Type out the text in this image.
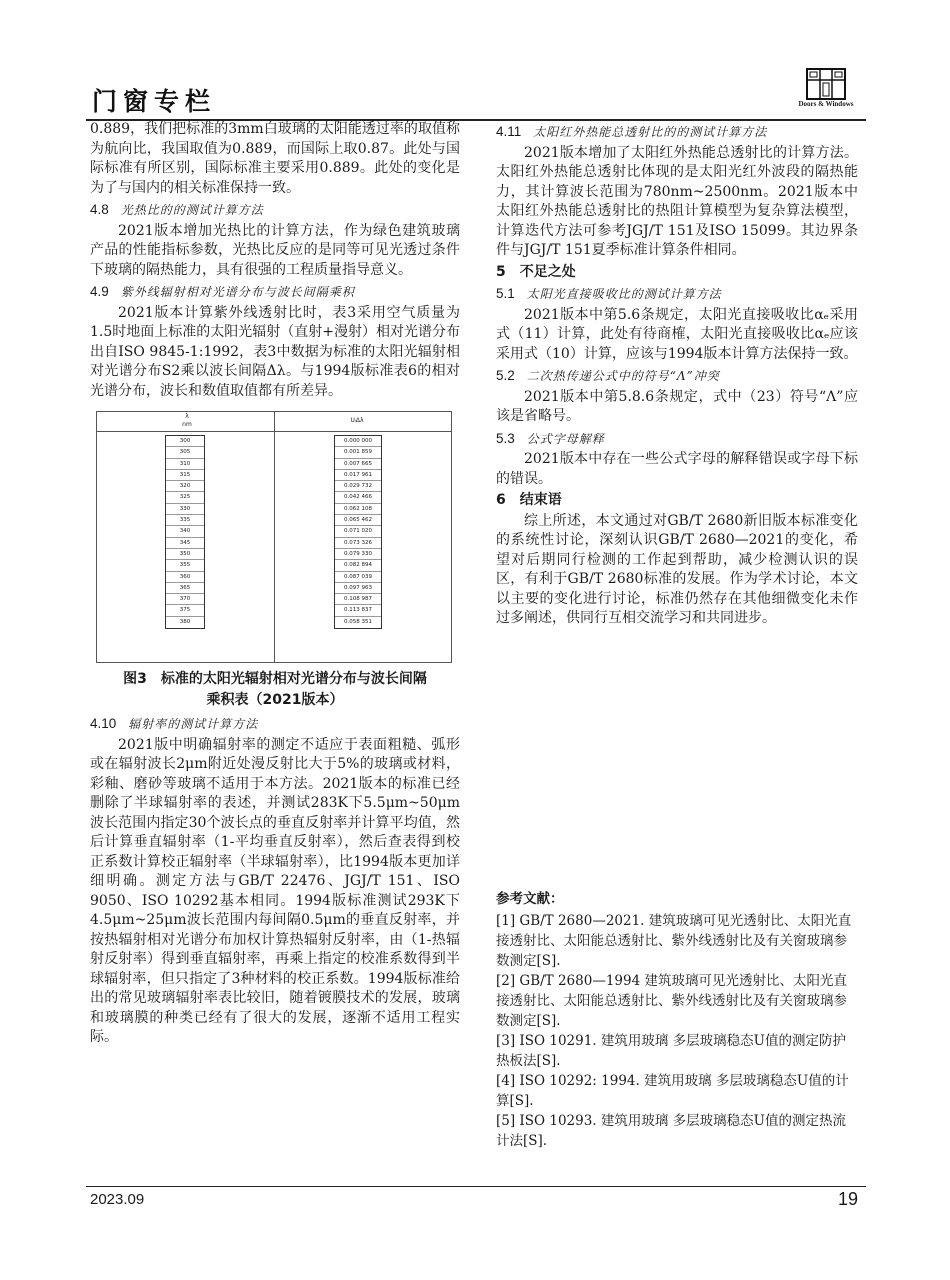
门窗专栏	Doors & Windows

0.889，我们把标准的3mm白玻璃的太阳能透过率的取值称为航向比，我国取值为0.889，而国际上取0.87。此处与国际标准有所区别，国际标准主要采用0.889。此处的变化是为了与国内的相关标准保持一致。

4.8 光热比的的测试计算方法

2021版本增加光热比的计算方法，作为绿色建筑玻璃产品的性能指标参数，光热比反应的是同等可见光透过条件下玻璃的隔热能力，具有很强的工程质量指导意义。

4.9 紫外线辐射相对光谱分布与波长间隔乘积

2021版本计算紫外线透射比时，表3采用空气质量为1.5时地面上标准的太阳光辐射（直射+漫射）相对光谱分布出自ISO 9845-1:1992，表3中数据为标准的太阳光辐射相对光谱分布S2乘以波长间隔Δλ。与1994版标准表6的相对光谱分布，波长和数值取值都有所差异。

λ
nm
UₗΔλ
300
305
310
315
320
325
330
335
340
345
350
355
360
365
370
375
380
0.000 000
0.001 859
0.007 665
0.017 961
0.029 732
0.042 466
0.062 108
0.065 462
0.071 020
0.073 326
0.079 330
0.082 894
0.087 039
0.097 963
0.108 987
0.113 837
0.058 351
图3　标准的太阳光辐射相对光谱分布与波长间隔
乘积表（2021版本）
4.10 辐射率的测试计算方法

2021版中明确辐射率的测定不适应于表面粗糙、弧形或在辐射波长2μm附近处漫反射比大于5%的玻璃或材料，彩釉、磨砂等玻璃不适用于本方法。2021版本的标准已经删除了半球辐射率的表述，并测试283K下5.5μm~50μm波长范围内指定30个波长点的垂直反射率并计算平均值，然后计算垂直辐射率（1-平均垂直反射率），然后查表得到校正系数计算校正辐射率（半球辐射率），比1994版本更加详细明确。测定方法与GB/T 22476、JGJ/T 151、ISO 9050、ISO 10292基本相同。1994版标准测试293K下4.5μm~25μm波长范围内每间隔0.5μm的垂直反射率，并按热辐射相对光谱分布加权计算热辐射反射率，由（1-热辐射反射率）得到垂直辐射率，再乘上指定的校准系数得到半球辐射率，但只指定了3种材料的校正系数。1994版标准给出的常见玻璃辐射率表比较旧，随着镀膜技术的发展，玻璃和玻璃膜的种类已经有了很大的发展，逐渐不适用工程实际。

4.11 太阳红外热能总透射比的的测试计算方法

2021版本增加了太阳红外热能总透射比的计算方法。太阳红外热能总透射比体现的是太阳光红外波段的隔热能力，其计算波长范围为780nm~2500nm。2021版本中太阳红外热能总透射比的热阻计算模型为复杂算法模型，计算迭代方法可参考JGJ/T 151及ISO 15099。其边界条件与JGJ/T 151夏季标准计算条件相同。

5 不足之处
5.1 太阳光直接吸收比的测试计算方法

2021版本中第5.6条规定，太阳光直接吸收比αₑ采用式（11）计算，此处有待商榷，太阳光直接吸收比αₑ应该采用式（10）计算，应该与1994版本计算方法保持一致。

5.2 二次热传递公式中的符号“Λ”冲突

2021版本中第5.8.6条规定，式中（23）符号“Λ”应该是省略号。

5.3 公式字母解释

2021版本中存在一些公式字母的解释错误或字母下标的错误。

6 结束语

综上所述，本文通过对GB/T 2680新旧版本标准变化的系统性讨论，深刻认识GB/T 2680—2021的变化，希望对后期同行检测的工作起到帮助，减少检测认识的误区，有利于GB/T 2680标准的发展。作为学术讨论，本文以主要的变化进行讨论，标准仍然存在其他细微变化未作过多阐述，供同行互相交流学习和共同进步。

参考文献：

[1] GB/T 2680—2021. 建筑玻璃可见光透射比、太阳光直接透射比、太阳能总透射比、紫外线透射比及有关窗玻璃参数测定[S].

[2] GB/T 2680—1994 建筑玻璃可见光透射比、太阳光直接透射比、太阳能总透射比、紫外线透射比及有关窗玻璃参数测定[S].

[3] ISO 10291. 建筑用玻璃 多层玻璃稳态U值的测定防护热板法[S].

[4] ISO 10292: 1994. 建筑用玻璃 多层玻璃稳态U值的计算[S].

[5] ISO 10293. 建筑用玻璃 多层玻璃稳态U值的测定热流计法[S].

2023.09	19
